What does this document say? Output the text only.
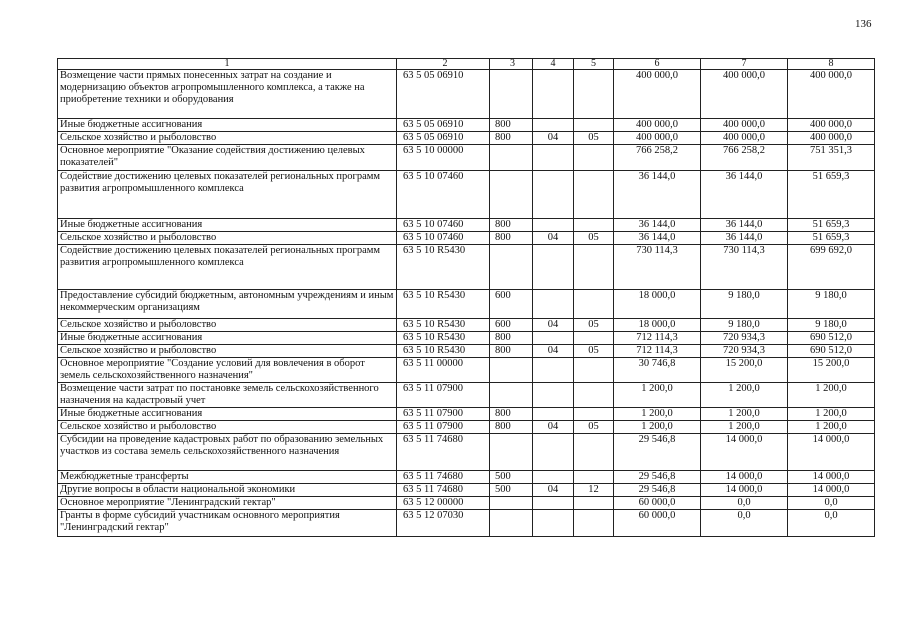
136
1	2	3	4	5	6	7	8
Возмещение части прямых понесенных затрат на создание и модернизацию объектов агропромышленного комплекса, а также на приобретение техники и оборудования	63 5 05 06910				400 000,0	400 000,0	400 000,0
Иные бюджетные ассигнования	63 5 05 06910	800			400 000,0	400 000,0	400 000,0
Сельское хозяйство и рыболовство	63 5 05 06910	800	04	05	400 000,0	400 000,0	400 000,0
Основное мероприятие "Оказание содействия достижению целевых показателей"	63 5 10 00000				766 258,2	766 258,2	751 351,3
Содействие достижению целевых показателей региональных программ развития агропромышленного комплекса	63 5 10 07460				36 144,0	36 144,0	51 659,3
Иные бюджетные ассигнования	63 5 10 07460	800			36 144,0	36 144,0	51 659,3
Сельское хозяйство и рыболовство	63 5 10 07460	800	04	05	36 144,0	36 144,0	51 659,3
Содействие достижению целевых показателей региональных программ развития агропромышленного комплекса	63 5 10 R5430				730 114,3	730 114,3	699 692,0
Предоставление субсидий бюджетным, автономным учреждениям и иным некоммерческим организациям	63 5 10 R5430	600			18 000,0	9 180,0	9 180,0
Сельское хозяйство и рыболовство	63 5 10 R5430	600	04	05	18 000,0	9 180,0	9 180,0
Иные бюджетные ассигнования	63 5 10 R5430	800			712 114,3	720 934,3	690 512,0
Сельское хозяйство и рыболовство	63 5 10 R5430	800	04	05	712 114,3	720 934,3	690 512,0
Основное мероприятие "Создание условий для вовлечения в оборот земель сельскохозяйственного назначения"	63 5 11 00000				30 746,8	15 200,0	15 200,0
Возмещение части затрат по постановке земель сельскохозяйственного назначения на кадастровый учет	63 5 11 07900				1 200,0	1 200,0	1 200,0
Иные бюджетные ассигнования	63 5 11 07900	800			1 200,0	1 200,0	1 200,0
Сельское хозяйство и рыболовство	63 5 11 07900	800	04	05	1 200,0	1 200,0	1 200,0
Субсидии на проведение кадастровых работ по образованию земельных участков из состава земель сельскохозяйственного назначения	63 5 11 74680				29 546,8	14 000,0	14 000,0
Межбюджетные трансферты	63 5 11 74680	500			29 546,8	14 000,0	14 000,0
Другие вопросы в области национальной экономики	63 5 11 74680	500	04	12	29 546,8	14 000,0	14 000,0
Основное мероприятие "Ленинградский гектар"	63 5 12 00000				60 000,0	0,0	0,0
Гранты в форме субсидий участникам основного мероприятия "Ленинградский гектар"	63 5 12 07030				60 000,0	0,0	0,0
